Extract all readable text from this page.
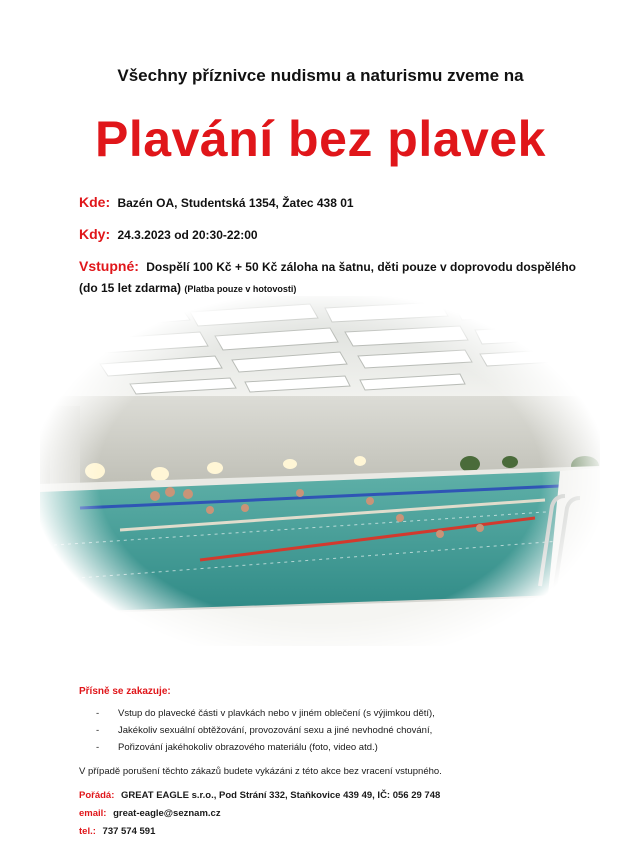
Všechny příznivce nudismu a naturismu zveme na
Plavání bez plavek
Kde: Bazén OA, Studentská 1354, Žatec 438 01
Kdy: 24.3.2023 od 20:30-22:00
Vstupné: Dospělí 100 Kč + 50 Kč záloha na šatnu, děti pouze v doprovodu dospělého (do 15 let zdarma) (Platba pouze v hotovosti)
Přísně se zakazuje:
- Vstup do plavecké části v plavkách nebo v jiném oblečení (s výjimkou dětí),
- Jakékoliv sexuální obtěžování, provozování sexu a jiné nevhodné chování,
- Pořizování jakéhokoliv obrazového materiálu (foto, video atd.)
V případě porušení těchto zákazů budete vykázáni z této akce bez vracení vstupného.
Pořádá: GREAT EAGLE s.r.o., Pod Strání 332, Staňkovice 439 49, IČ: 056 29 748
email: great-eagle@seznam.cz
tel.: 737 574 591
